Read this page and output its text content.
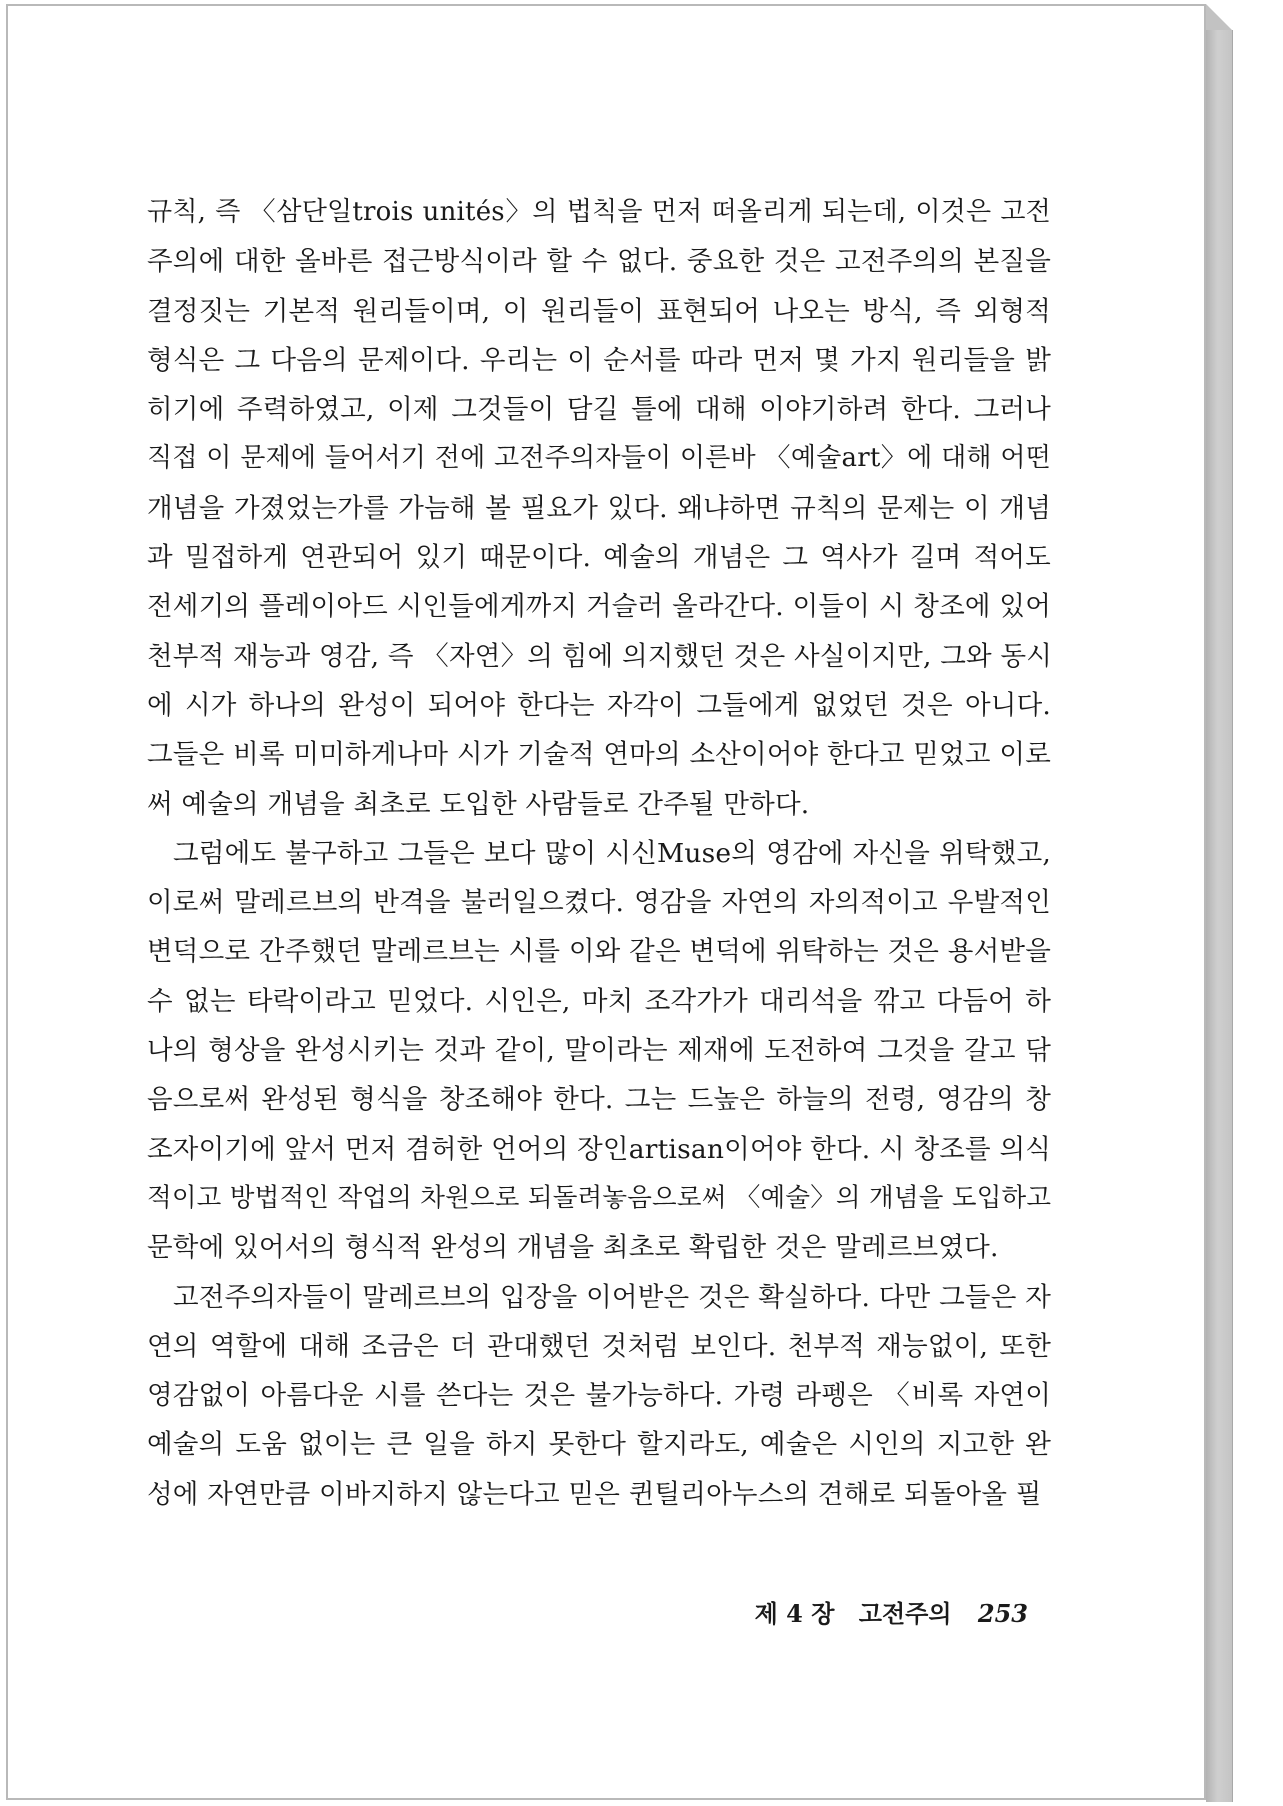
규칙, 즉 〈삼단일trois unités〉의 법칙을 먼저 떠올리게 되는데, 이것은 고전
주의에 대한 올바른 접근방식이라 할 수 없다. 중요한 것은 고전주의의 본질을
결정짓는 기본적 원리들이며, 이 원리들이 표현되어 나오는 방식, 즉 외형적
형식은 그 다음의 문제이다. 우리는 이 순서를 따라 먼저 몇 가지 원리들을 밝
히기에 주력하였고, 이제 그것들이 담길 틀에 대해 이야기하려 한다. 그러나
직접 이 문제에 들어서기 전에 고전주의자들이 이른바 〈예술art〉에 대해 어떤
개념을 가졌었는가를 가늠해 볼 필요가 있다. 왜냐하면 규칙의 문제는 이 개념
과 밀접하게 연관되어 있기 때문이다. 예술의 개념은 그 역사가 길며 적어도
전세기의 플레이아드 시인들에게까지 거슬러 올라간다. 이들이 시 창조에 있어
천부적 재능과 영감, 즉 〈자연〉의 힘에 의지했던 것은 사실이지만, 그와 동시
에 시가 하나의 완성이 되어야 한다는 자각이 그들에게 없었던 것은 아니다.
그들은 비록 미미하게나마 시가 기술적 연마의 소산이어야 한다고 믿었고 이로
써 예술의 개념을 최초로 도입한 사람들로 간주될 만하다.

그럼에도 불구하고 그들은 보다 많이 시신Muse의 영감에 자신을 위탁했고,
이로써 말레르브의 반격을 불러일으켰다. 영감을 자연의 자의적이고 우발적인
변덕으로 간주했던 말레르브는 시를 이와 같은 변덕에 위탁하는 것은 용서받을
수 없는 타락이라고 믿었다. 시인은, 마치 조각가가 대리석을 깎고 다듬어 하
나의 형상을 완성시키는 것과 같이, 말이라는 제재에 도전하여 그것을 갈고 닦
음으로써 완성된 형식을 창조해야 한다. 그는 드높은 하늘의 전령, 영감의 창
조자이기에 앞서 먼저 겸허한 언어의 장인artisan이어야 한다. 시 창조를 의식
적이고 방법적인 작업의 차원으로 되돌려놓음으로써 〈예술〉의 개념을 도입하고
문학에 있어서의 형식적 완성의 개념을 최초로 확립한 것은 말레르브였다.

고전주의자들이 말레르브의 입장을 이어받은 것은 확실하다. 다만 그들은 자
연의 역할에 대해 조금은 더 관대했던 것처럼 보인다. 천부적 재능없이, 또한
영감없이 아름다운 시를 쓴다는 것은 불가능하다. 가령 라펭은 〈비록 자연이
예술의 도움 없이는 큰 일을 하지 못한다 할지라도, 예술은 시인의 지고한 완
성에 자연만큼 이바지하지 않는다고 믿은 퀸틸리아누스의 견해로 되돌아올 필

제 4 장 고전주의 253
